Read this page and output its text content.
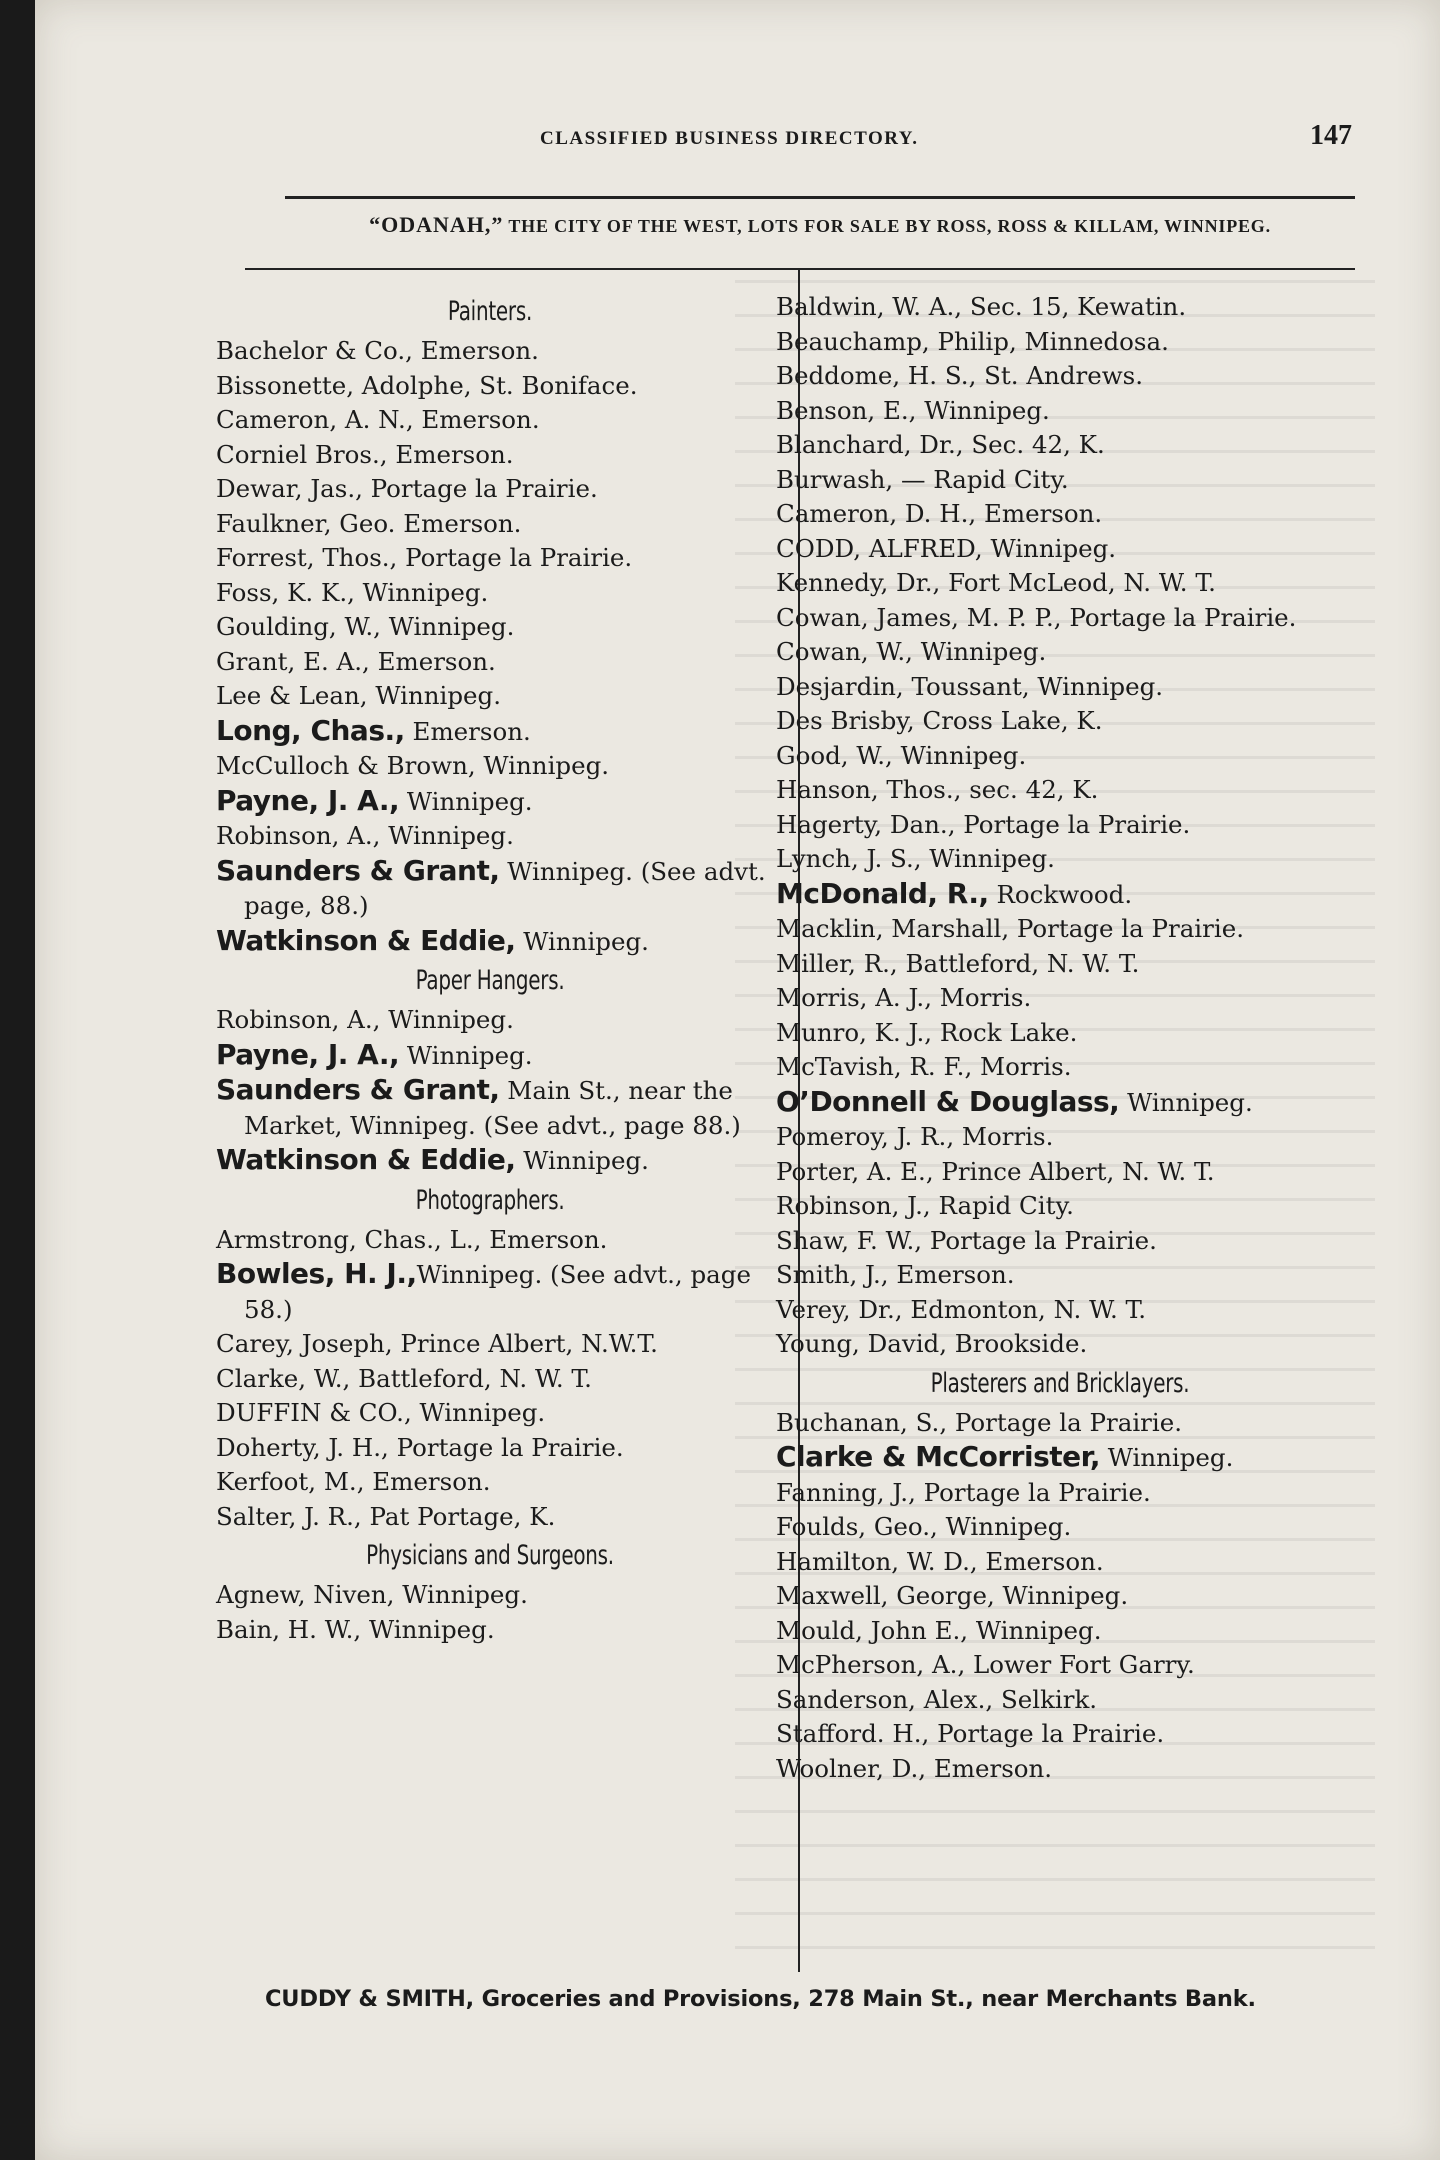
CLASSIFIED BUSINESS DIRECTORY.	147
“ODANAH,” THE CITY OF THE WEST, LOTS FOR SALE BY ROSS, ROSS & KILLAM, WINNIPEG.
Painters.

Bachelor & Co., Emerson.

Bissonette, Adolphe, St. Boniface.

Cameron, A. N., Emerson.

Corniel Bros., Emerson.

Dewar, Jas., Portage la Prairie.

Faulkner, Geo. Emerson.

Forrest, Thos., Portage la Prairie.

Foss, K. K., Winnipeg.

Goulding, W., Winnipeg.

Grant, E. A., Emerson.

Lee & Lean, Winnipeg.

Long, Chas., Emerson.

McCulloch & Brown, Winnipeg.

Payne, J. A., Winnipeg.

Robinson, A., Winnipeg.

Saunders & Grant, Winnipeg. (See advt. page, 88.)

Watkinson & Eddie, Winnipeg.

Paper Hangers.

Robinson, A., Winnipeg.

Payne, J. A., Winnipeg.

Saunders & Grant, Main St., near the Market, Winnipeg. (See advt., page 88.)

Watkinson & Eddie, Winnipeg.

Photographers.

Armstrong, Chas., L., Emerson.

Bowles, H. J.,Winnipeg. (See advt., page 58.)

Carey, Joseph, Prince Albert, N.W.T.

Clarke, W., Battleford, N. W. T.

DUFFIN & CO., Winnipeg.

Doherty, J. H., Portage la Prairie.

Kerfoot, M., Emerson.

Salter, J. R., Pat Portage, K.

Physicians and Surgeons.

Agnew, Niven, Winnipeg.

Bain, H. W., Winnipeg.

Baldwin, W. A., Sec. 15, Kewatin.

Beauchamp, Philip, Minnedosa.

Beddome, H. S., St. Andrews.

Benson, E., Winnipeg.

Blanchard, Dr., Sec. 42, K.

Burwash, — Rapid City.

Cameron, D. H., Emerson.

CODD, ALFRED, Winnipeg.

Kennedy, Dr., Fort McLeod, N. W. T.

Cowan, James, M. P. P., Portage la Prairie.

Cowan, W., Winnipeg.

Desjardin, Toussant, Winnipeg.

Des Brisby, Cross Lake, K.

Good, W., Winnipeg.

Hanson, Thos., sec. 42, K.

Hagerty, Dan., Portage la Prairie.

Lynch, J. S., Winnipeg.

McDonald, R., Rockwood.

Macklin, Marshall, Portage la Prairie.

Miller, R., Battleford, N. W. T.

Morris, A. J., Morris.

Munro, K. J., Rock Lake.

McTavish, R. F., Morris.

O’Donnell & Douglass, Winnipeg.

Pomeroy, J. R., Morris.

Porter, A. E., Prince Albert, N. W. T.

Robinson, J., Rapid City.

Shaw, F. W., Portage la Prairie.

Smith, J., Emerson.

Verey, Dr., Edmonton, N. W. T.

Young, David, Brookside.

Plasterers and Bricklayers.

Buchanan, S., Portage la Prairie.

Clarke & McCorrister, Winnipeg.

Fanning, J., Portage la Prairie.

Foulds, Geo., Winnipeg.

Hamilton, W. D., Emerson.

Maxwell, George, Winnipeg.

Mould, John E., Winnipeg.

McPherson, A., Lower Fort Garry.

Sanderson, Alex., Selkirk.

Stafford. H., Portage la Prairie.

Woolner, D., Emerson.

CUDDY & SMITH, Groceries and Provisions, 278 Main St., near Merchants Bank.
